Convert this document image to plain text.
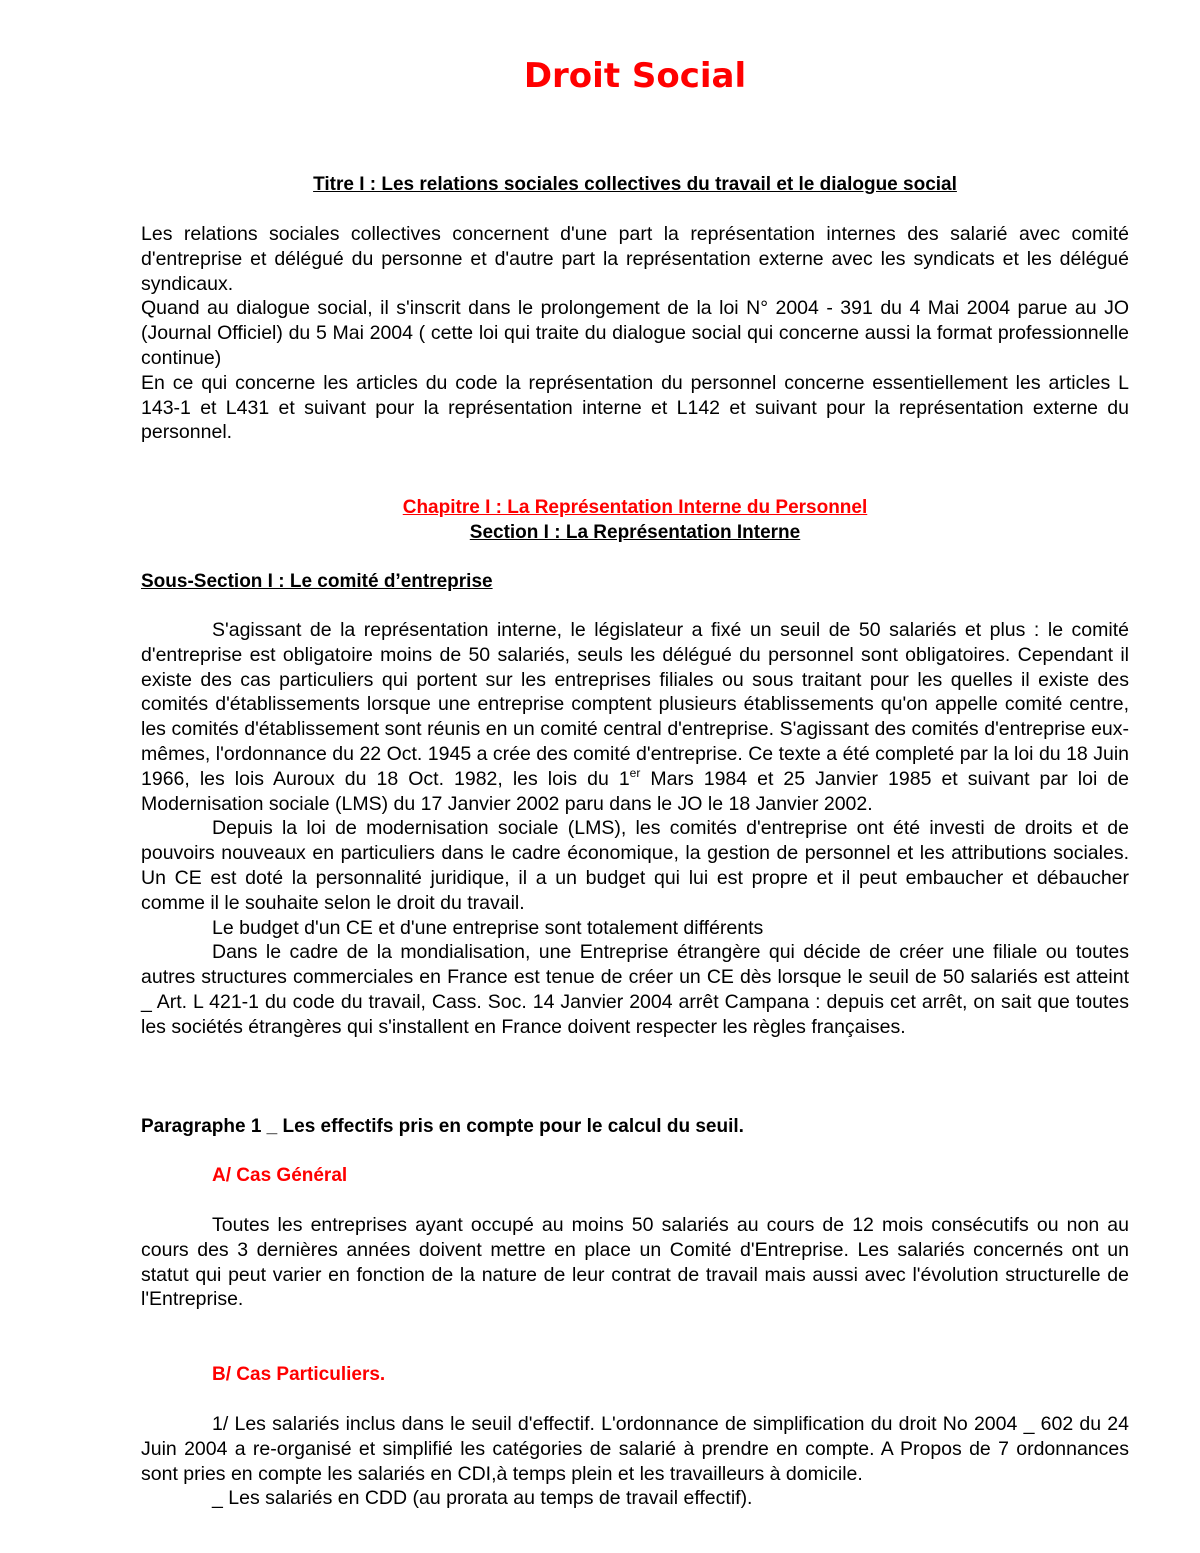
Droit Social
Titre I : Les relations sociales collectives du travail et le dialogue social

Les relations sociales collectives concernent d'une part la représentation internes des salarié avec comité d'entreprise et délégué du personne et d'autre part la représentation externe avec les syndicats et les délégué syndicaux.

Quand au dialogue social, il s'inscrit dans le prolongement de la loi N° 2004 - 391 du 4 Mai 2004 parue au JO (Journal Officiel) du 5 Mai 2004 ( cette loi qui traite du dialogue social qui concerne aussi la format professionnelle continue)

En ce qui concerne les articles du code la représentation du personnel concerne essentiellement les articles L 143-1 et L431 et suivant pour la représentation interne et L142 et suivant pour la représentation externe du personnel.

Chapitre I : La Représentation Interne du Personnel
Section I : La Représentation Interne
Sous-Section I : Le comité d’entreprise

S'agissant de la représentation interne, le législateur a fixé un seuil de 50 salariés et plus : le comité d'entreprise est obligatoire moins de 50 salariés, seuls les délégué du personnel sont obligatoires. Cependant il existe des cas particuliers qui portent sur les entreprises filiales ou sous traitant pour les quelles il existe des comités d'établissements lorsque une entreprise comptent plusieurs établissements qu'on appelle comité centre, les comités d'établissement sont réunis en un comité central d'entreprise. S'agissant des comités d'entreprise eux-mêmes, l'ordonnance du 22 Oct. 1945 a crée des comité d'entreprise. Ce texte a été completé par la loi du 18 Juin 1966, les lois Auroux du 18 Oct. 1982, les lois du 1er Mars 1984 et 25 Janvier 1985 et suivant par loi de Modernisation sociale (LMS) du 17 Janvier 2002 paru dans le JO le 18 Janvier 2002.

Depuis la loi de modernisation sociale (LMS), les comités d'entreprise ont été investi de droits et de pouvoirs nouveaux en particuliers dans le cadre économique, la gestion de personnel et les attributions sociales. Un CE est doté la personnalité juridique, il a un budget qui lui est propre et il peut embaucher et débaucher comme il le souhaite selon le droit du travail.

Le budget d'un CE et d'une entreprise sont totalement différents

Dans le cadre de la mondialisation, une Entreprise étrangère qui décide de créer une filiale ou toutes autres structures commerciales en France est tenue de créer un CE dès lorsque le seuil de 50 salariés est atteint _ Art. L 421-1 du code du travail, Cass. Soc. 14 Janvier 2004 arrêt Campana : depuis cet arrêt, on sait que toutes les sociétés étrangères qui s'installent en France doivent respecter les règles françaises.

Paragraphe 1 _ Les effectifs pris en compte pour le calcul du seuil.
A/ Cas Général

Toutes les entreprises ayant occupé au moins 50 salariés au cours de 12 mois consécutifs ou non au cours des 3 dernières années doivent mettre en place un Comité d'Entreprise. Les salariés concernés ont un statut qui peut varier en fonction de la nature de leur contrat de travail mais aussi avec l'évolution structurelle de l'Entreprise.

B/ Cas Particuliers.

1/ Les salariés inclus dans le seuil d'effectif. L'ordonnance de simplification du droit No 2004 _ 602 du 24 Juin 2004 a re-organisé et simplifié les catégories de salarié à prendre en compte. A Propos de 7 ordonnances sont pries en compte les salariés en CDI,à temps plein et les travailleurs à domicile.

_ Les salariés en CDD (au prorata au temps de travail effectif).
